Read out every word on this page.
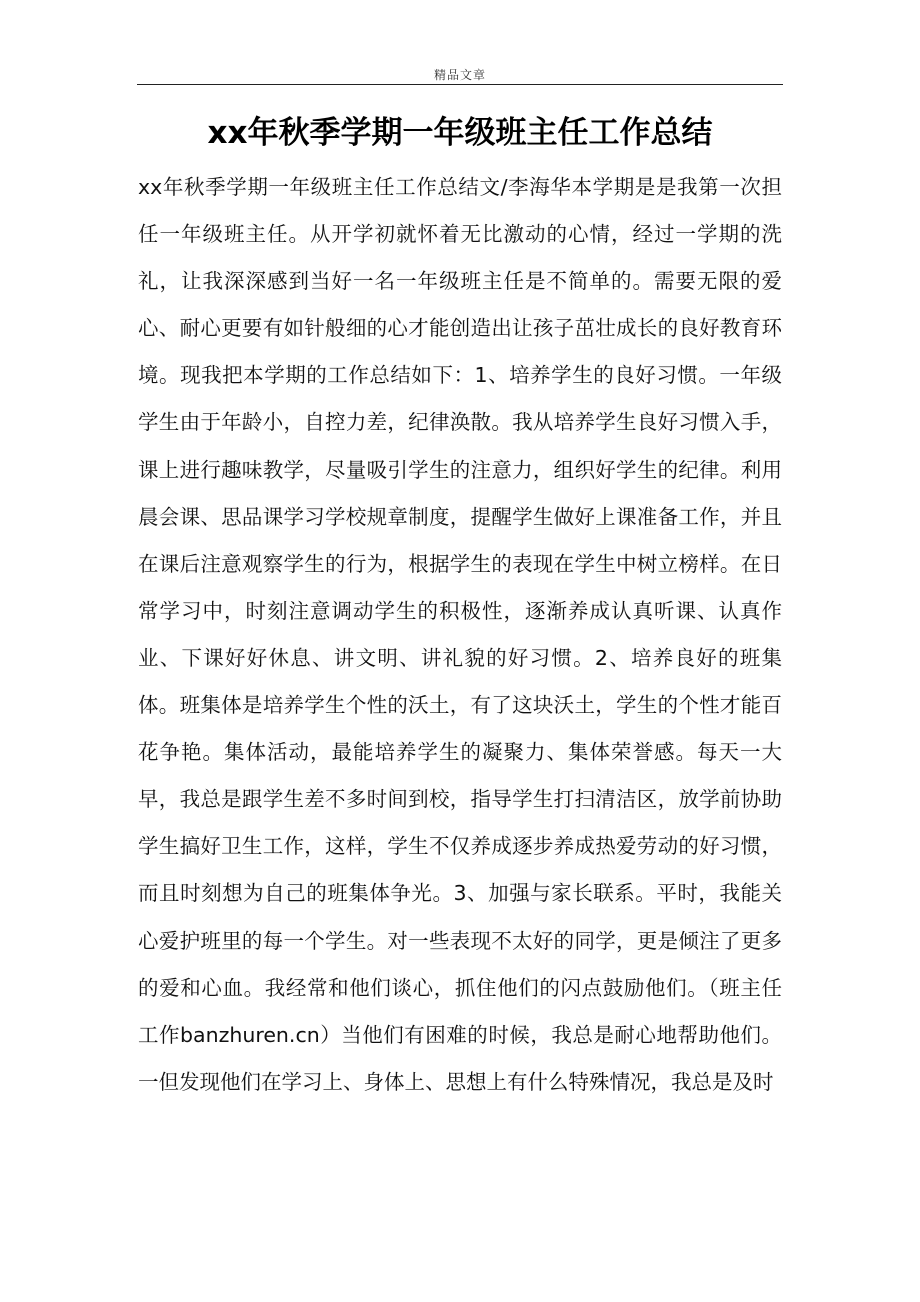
精品文章
xx年秋季学期一年级班主任工作总结
xx年秋季学期一年级班主任工作总结文/李海华本学期是是我第一次担任一年级班主任。从开学初就怀着无比激动的心情，经过一学期的洗礼，让我深深感到当好一名一年级班主任是不简单的。需要无限的爱心、耐心更要有如针般细的心才能创造出让孩子茁壮成长的良好教育环境。现我把本学期的工作总结如下：1、培养学生的良好习惯。一年级学生由于年龄小，自控力差，纪律涣散。我从培养学生良好习惯入手，课上进行趣味教学，尽量吸引学生的注意力，组织好学生的纪律。利用晨会课、思品课学习学校规章制度，提醒学生做好上课准备工作，并且在课后注意观察学生的行为，根据学生的表现在学生中树立榜样。在日常学习中，时刻注意调动学生的积极性，逐渐养成认真听课、认真作业、下课好好休息、讲文明、讲礼貌的好习惯。2、培养良好的班集体。班集体是培养学生个性的沃土，有了这块沃土，学生的个性才能百花争艳。集体活动，最能培养学生的凝聚力、集体荣誉感。每天一大早，我总是跟学生差不多时间到校，指导学生打扫清洁区，放学前协助学生搞好卫生工作，这样，学生不仅养成逐步养成热爱劳动的好习惯，而且时刻想为自己的班集体争光。3、加强与家长联系。平时，我能关心爱护班里的每一个学生。对一些表现不太好的同学，更是倾注了更多的爱和心血。我经常和他们谈心，抓住他们的闪点鼓励他们。（班主任工作banzhuren.cn）当他们有困难的时候，我总是耐心地帮助他们。一但发现他们在学习上、身体上、思想上有什么特殊情况，我总是及时
